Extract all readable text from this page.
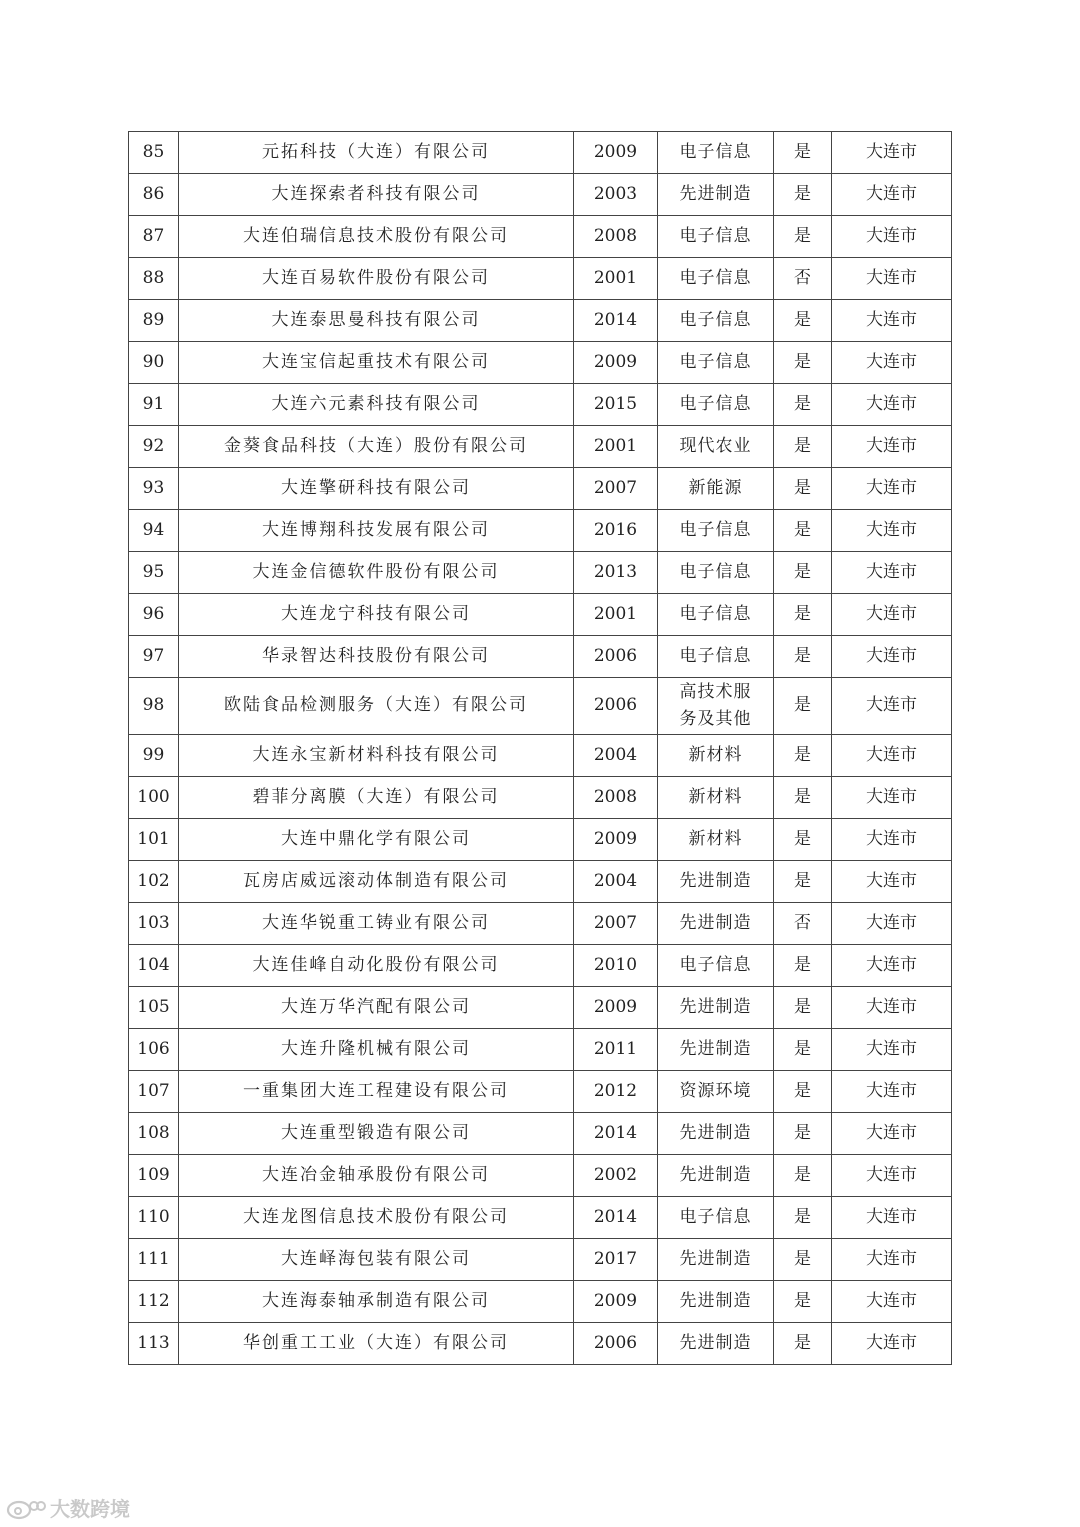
85	元拓科技（大连）有限公司	2009	电子信息	是	大连市
86	大连探索者科技有限公司	2003	先进制造	是	大连市
87	大连伯瑞信息技术股份有限公司	2008	电子信息	是	大连市
88	大连百易软件股份有限公司	2001	电子信息	否	大连市
89	大连泰思曼科技有限公司	2014	电子信息	是	大连市
90	大连宝信起重技术有限公司	2009	电子信息	是	大连市
91	大连六元素科技有限公司	2015	电子信息	是	大连市
92	金葵食品科技（大连）股份有限公司	2001	现代农业	是	大连市
93	大连擎研科技有限公司	2007	新能源	是	大连市
94	大连博翔科技发展有限公司	2016	电子信息	是	大连市
95	大连金信德软件股份有限公司	2013	电子信息	是	大连市
96	大连龙宁科技有限公司	2001	电子信息	是	大连市
97	华录智达科技股份有限公司	2006	电子信息	是	大连市
98	欧陆食品检测服务（大连）有限公司	2006	高技术服务及其他	是	大连市
99	大连永宝新材料科技有限公司	2004	新材料	是	大连市
100	碧菲分离膜（大连）有限公司	2008	新材料	是	大连市
101	大连中鼎化学有限公司	2009	新材料	是	大连市
102	瓦房店威远滚动体制造有限公司	2004	先进制造	是	大连市
103	大连华锐重工铸业有限公司	2007	先进制造	否	大连市
104	大连佳峰自动化股份有限公司	2010	电子信息	是	大连市
105	大连万华汽配有限公司	2009	先进制造	是	大连市
106	大连升隆机械有限公司	2011	先进制造	是	大连市
107	一重集团大连工程建设有限公司	2012	资源环境	是	大连市
108	大连重型锻造有限公司	2014	先进制造	是	大连市
109	大连冶金轴承股份有限公司	2002	先进制造	是	大连市
110	大连龙图信息技术股份有限公司	2014	电子信息	是	大连市
111	大连峄海包装有限公司	2017	先进制造	是	大连市
112	大连海泰轴承制造有限公司	2009	先进制造	是	大连市
113	华创重工工业（大连）有限公司	2006	先进制造	是	大连市
大数跨境
